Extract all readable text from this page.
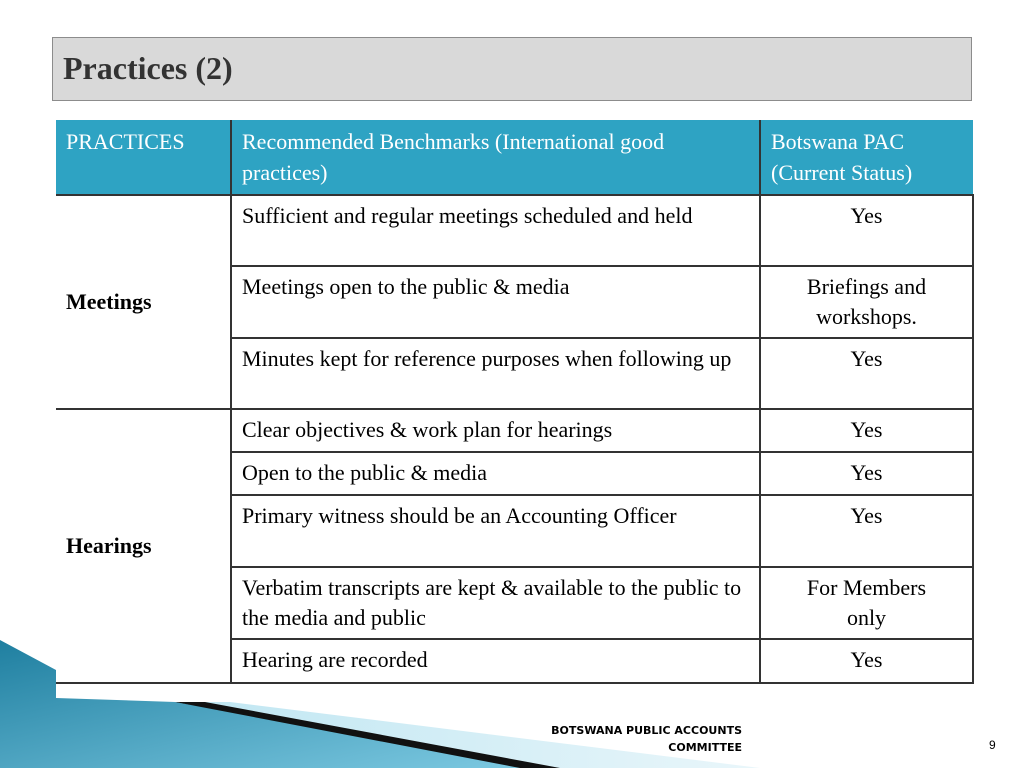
Practices (2)
PRACTICES	Recommended Benchmarks (International good practices)	Botswana PAC (Current Status)
Meetings	Sufficient and regular meetings scheduled and held	Yes
	Meetings open to the public & media	Briefings and workshops.
	Minutes kept for reference purposes when following up	Yes
Hearings	Clear objectives & work plan for hearings	Yes
	Open to the public & media	Yes
	Primary witness should be an Accounting Officer	Yes
	Verbatim transcripts are kept & available to the public to the media and public	For Members only
	Hearing are recorded	Yes
BOTSWANA PUBLIC ACCOUNTS
COMMITTEE	9
